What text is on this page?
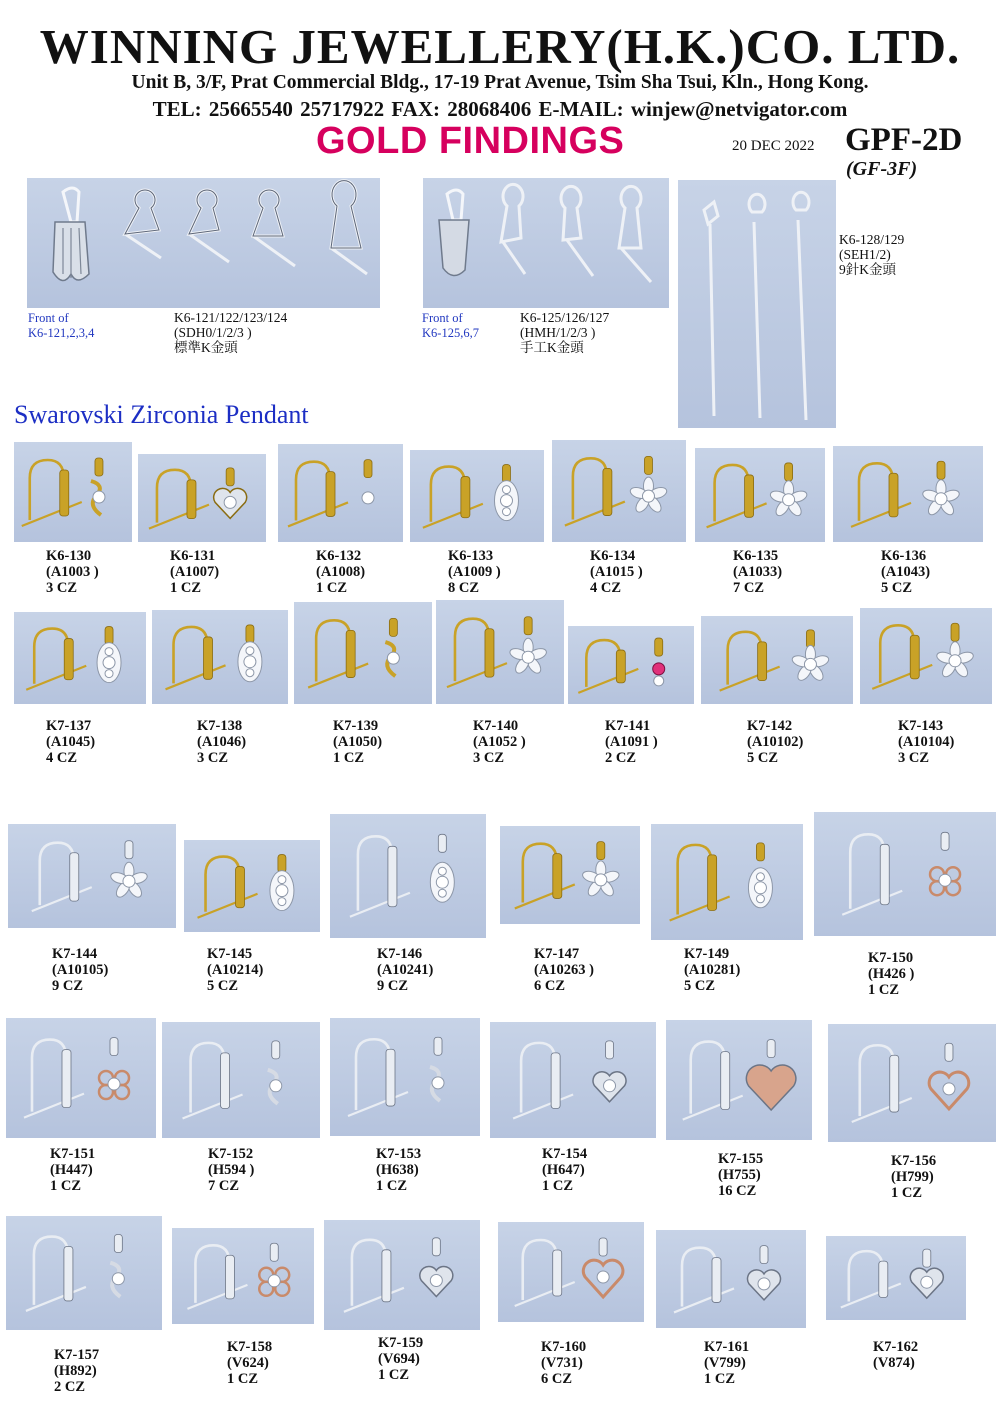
WINNING JEWELLERY(H.K.)CO. LTD.
Unit B, 3/F, Prat Commercial Bldg., 17-19 Prat Avenue, Tsim Sha Tsui, Kln., Hong Kong.
TEL: 25665540 25717922 FAX: 28068406 E-MAIL: winjew@netvigator.com
GOLD FINDINGS	20 DEC 2022 GPF-2D
(GF-3F)
Front of
K6-121,2,3,4
K6-121/122/123/124
(SDH0/1/2/3 )
標準K金頭
Front of
K6-125,6,7
K6-125/126/127
(HMH/1/2/3 )
手工K金頭
K6-128/129
(SEH1/2)
9針K金頭
Swarovski Zirconia Pendant
K6-130
(A1003 )
3 CZ
K6-131
(A1007)
1 CZ
K6-132
(A1008)
1 CZ
K6-133
(A1009 )
8 CZ
K6-134
(A1015 )
4 CZ
K6-135
(A1033)
7 CZ
K6-136
(A1043)
5 CZ
K7-137
(A1045)
4 CZ
K7-138
(A1046)
3 CZ
K7-139
(A1050)
1 CZ
K7-140
(A1052 )
3 CZ
K7-141
(A1091 )
2 CZ
K7-142
(A10102)
5 CZ
K7-143
(A10104)
3 CZ
K7-144
(A10105)
9 CZ
K7-145
(A10214)
5 CZ
K7-146
(A10241)
9 CZ
K7-147
(A10263 )
6 CZ
K7-149
(A10281)
5 CZ
K7-150
(H426 )
1 CZ
K7-151
(H447)
1 CZ
K7-152
(H594 )
7 CZ
K7-153
(H638)
1 CZ
K7-154
(H647)
1 CZ
K7-155
(H755)
16 CZ
K7-156
(H799)
1 CZ
K7-157
(H892)
2 CZ
K7-158
(V624)
1 CZ
K7-159
(V694)
1 CZ
K7-160
(V731)
6 CZ
K7-161
(V799)
1 CZ
K7-162
(V874)
